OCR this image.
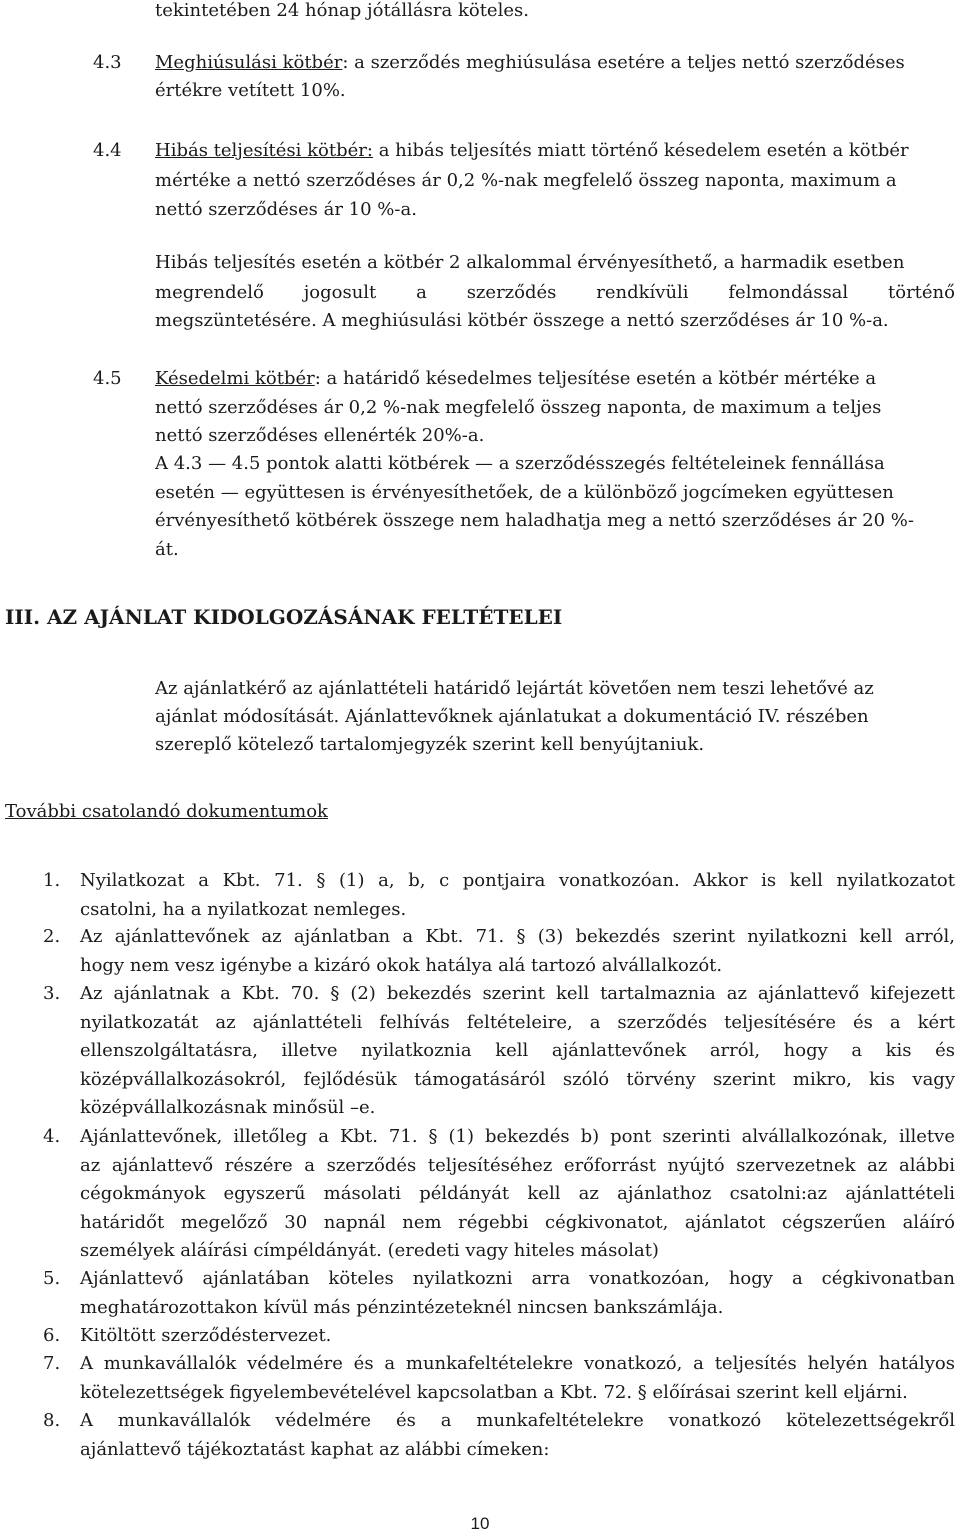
tekintetében 24 hónap jótállásra köteles.
4.3 Meghiúsulási kötbér: a szerződés meghiúsulása esetére a teljes nettó szerződéses
értékre vetített 10%.
4.4 Hibás teljesítési kötbér: a hibás teljesítés miatt történő késedelem esetén a kötbér
mértéke a nettó szerződéses ár 0,2 %-nak megfelelő összeg naponta, maximum a
nettó szerződéses ár 10 %-a.
Hibás teljesítés esetén a kötbér 2 alkalommal érvényesíthető, a harmadik esetben
megrendelő jogosult a szerződés rendkívüli felmondással történő
megszüntetésére. A meghiúsulási kötbér összege a nettó szerződéses ár 10 %-a.
4.5 Késedelmi kötbér: a határidő késedelmes teljesítése esetén a kötbér mértéke a
nettó szerződéses ár 0,2 %-nak megfelelő összeg naponta, de maximum a teljes
nettó szerződéses ellenérték 20%-a.
A 4.3 — 4.5 pontok alatti kötbérek — a szerződésszegés feltételeinek fennállása
esetén — együttesen is érvényesíthetőek, de a különböző jogcímeken együttesen
érvényesíthető kötbérek összege nem haladhatja meg a nettó szerződéses ár 20 %-
át.
III. AZ AJÁNLAT KIDOLGOZÁSÁNAK FELTÉTELEI
Az ajánlatkérő az ajánlattételi határidő lejártát követően nem teszi lehetővé az
ajánlat módosítását. Ajánlattevőknek ajánlatukat a dokumentáció IV. részében
szereplő kötelező tartalomjegyzék szerint kell benyújtaniuk.
További csatolandó dokumentumok
1. Nyilatkozat a Kbt. 71. § (1) a, b, c pontjaira vonatkozóan. Akkor is kell nyilatkozatot
csatolni, ha a nyilatkozat nemleges.
2. Az ajánlattevőnek az ajánlatban a Kbt. 71. § (3) bekezdés szerint nyilatkozni kell arról,
hogy nem vesz igénybe a kizáró okok hatálya alá tartozó alvállalkozót.
3. Az ajánlatnak a Kbt. 70. § (2) bekezdés szerint kell tartalmaznia az ajánlattevő kifejezett
nyilatkozatát az ajánlattételi felhívás feltételeire, a szerződés teljesítésére és a kért
ellenszolgáltatásra, illetve nyilatkoznia kell ajánlattevőnek arról, hogy a kis és
középvállalkozásokról, fejlődésük támogatásáról szóló törvény szerint mikro, kis vagy
középvállalkozásnak minősül –e.
4. Ajánlattevőnek, illetőleg a Kbt. 71. § (1) bekezdés b) pont szerinti alvállalkozónak, illetve
az ajánlattevő részére a szerződés teljesítéséhez erőforrást nyújtó szervezetnek az alábbi
cégokmányok egyszerű másolati példányát kell az ajánlathoz csatolni:az ajánlattételi
határidőt megelőző 30 napnál nem régebbi cégkivonatot, ajánlatot cégszerűen aláíró
személyek aláírási címpéldányát. (eredeti vagy hiteles másolat)
5. Ajánlattevő ajánlatában köteles nyilatkozni arra vonatkozóan, hogy a cégkivonatban
meghatározottakon kívül más pénzintézeteknél nincsen bankszámlája.
6. Kitöltött szerződéstervezet.
7. A munkavállalók védelmére és a munkafeltételekre vonatkozó, a teljesítés helyén hatályos
kötelezettségek figyelembevételével kapcsolatban a Kbt. 72. § előírásai szerint kell eljárni.
8. A munkavállalók védelmére és a munkafeltételekre vonatkozó kötelezettségekről
ajánlattevő tájékoztatást kaphat az alábbi címeken:
10
